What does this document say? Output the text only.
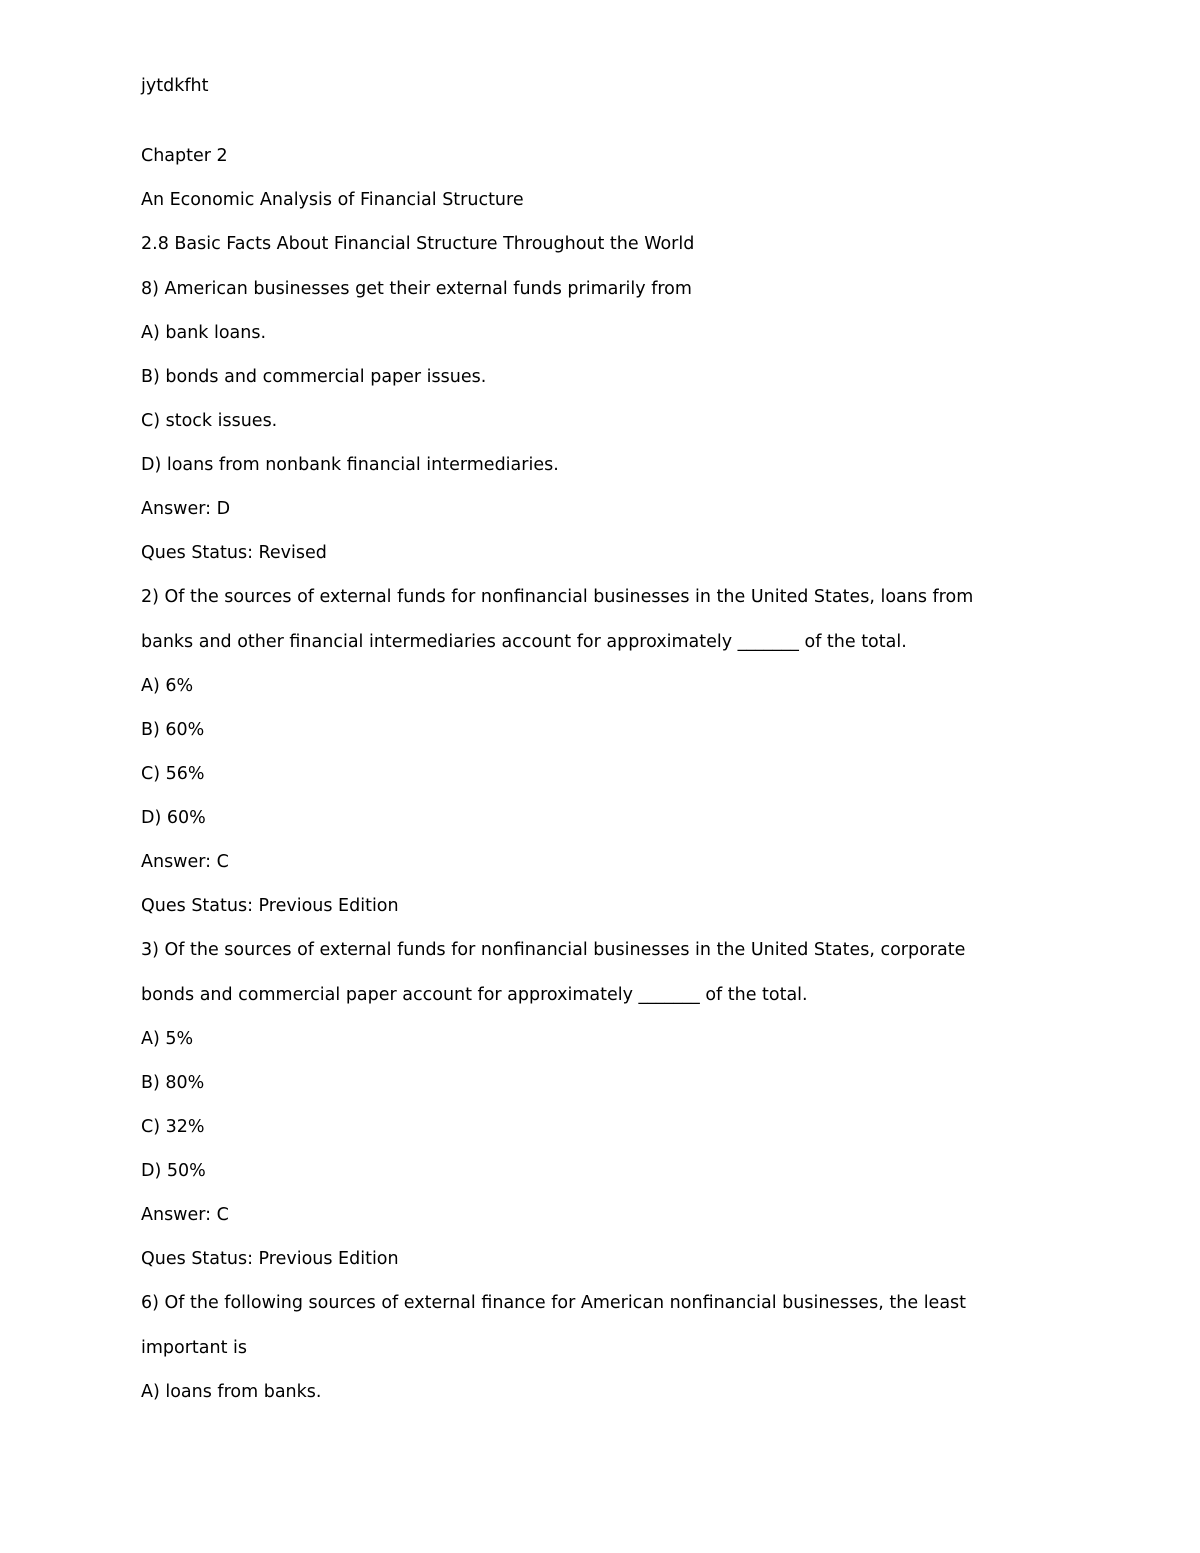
jytdkfht

Chapter 2

An Economic Analysis of Financial Structure

2.8 Basic Facts About Financial Structure Throughout the World

8) American businesses get their external funds primarily from

A) bank loans.

B) bonds and commercial paper issues.

C) stock issues.

D) loans from nonbank financial intermediaries.

Answer: D

Ques Status: Revised

2) Of the sources of external funds for nonfinancial businesses in the United States, loans from

banks and other financial intermediaries account for approximately _______ of the total.

A) 6%

B) 60%

C) 56%

D) 60%

Answer: C

Ques Status: Previous Edition

3) Of the sources of external funds for nonfinancial businesses in the United States, corporate

bonds and commercial paper account for approximately _______ of the total.

A) 5%

B) 80%

C) 32%

D) 50%

Answer: C

Ques Status: Previous Edition

6) Of the following sources of external finance for American nonfinancial businesses, the least

important is

A) loans from banks.
